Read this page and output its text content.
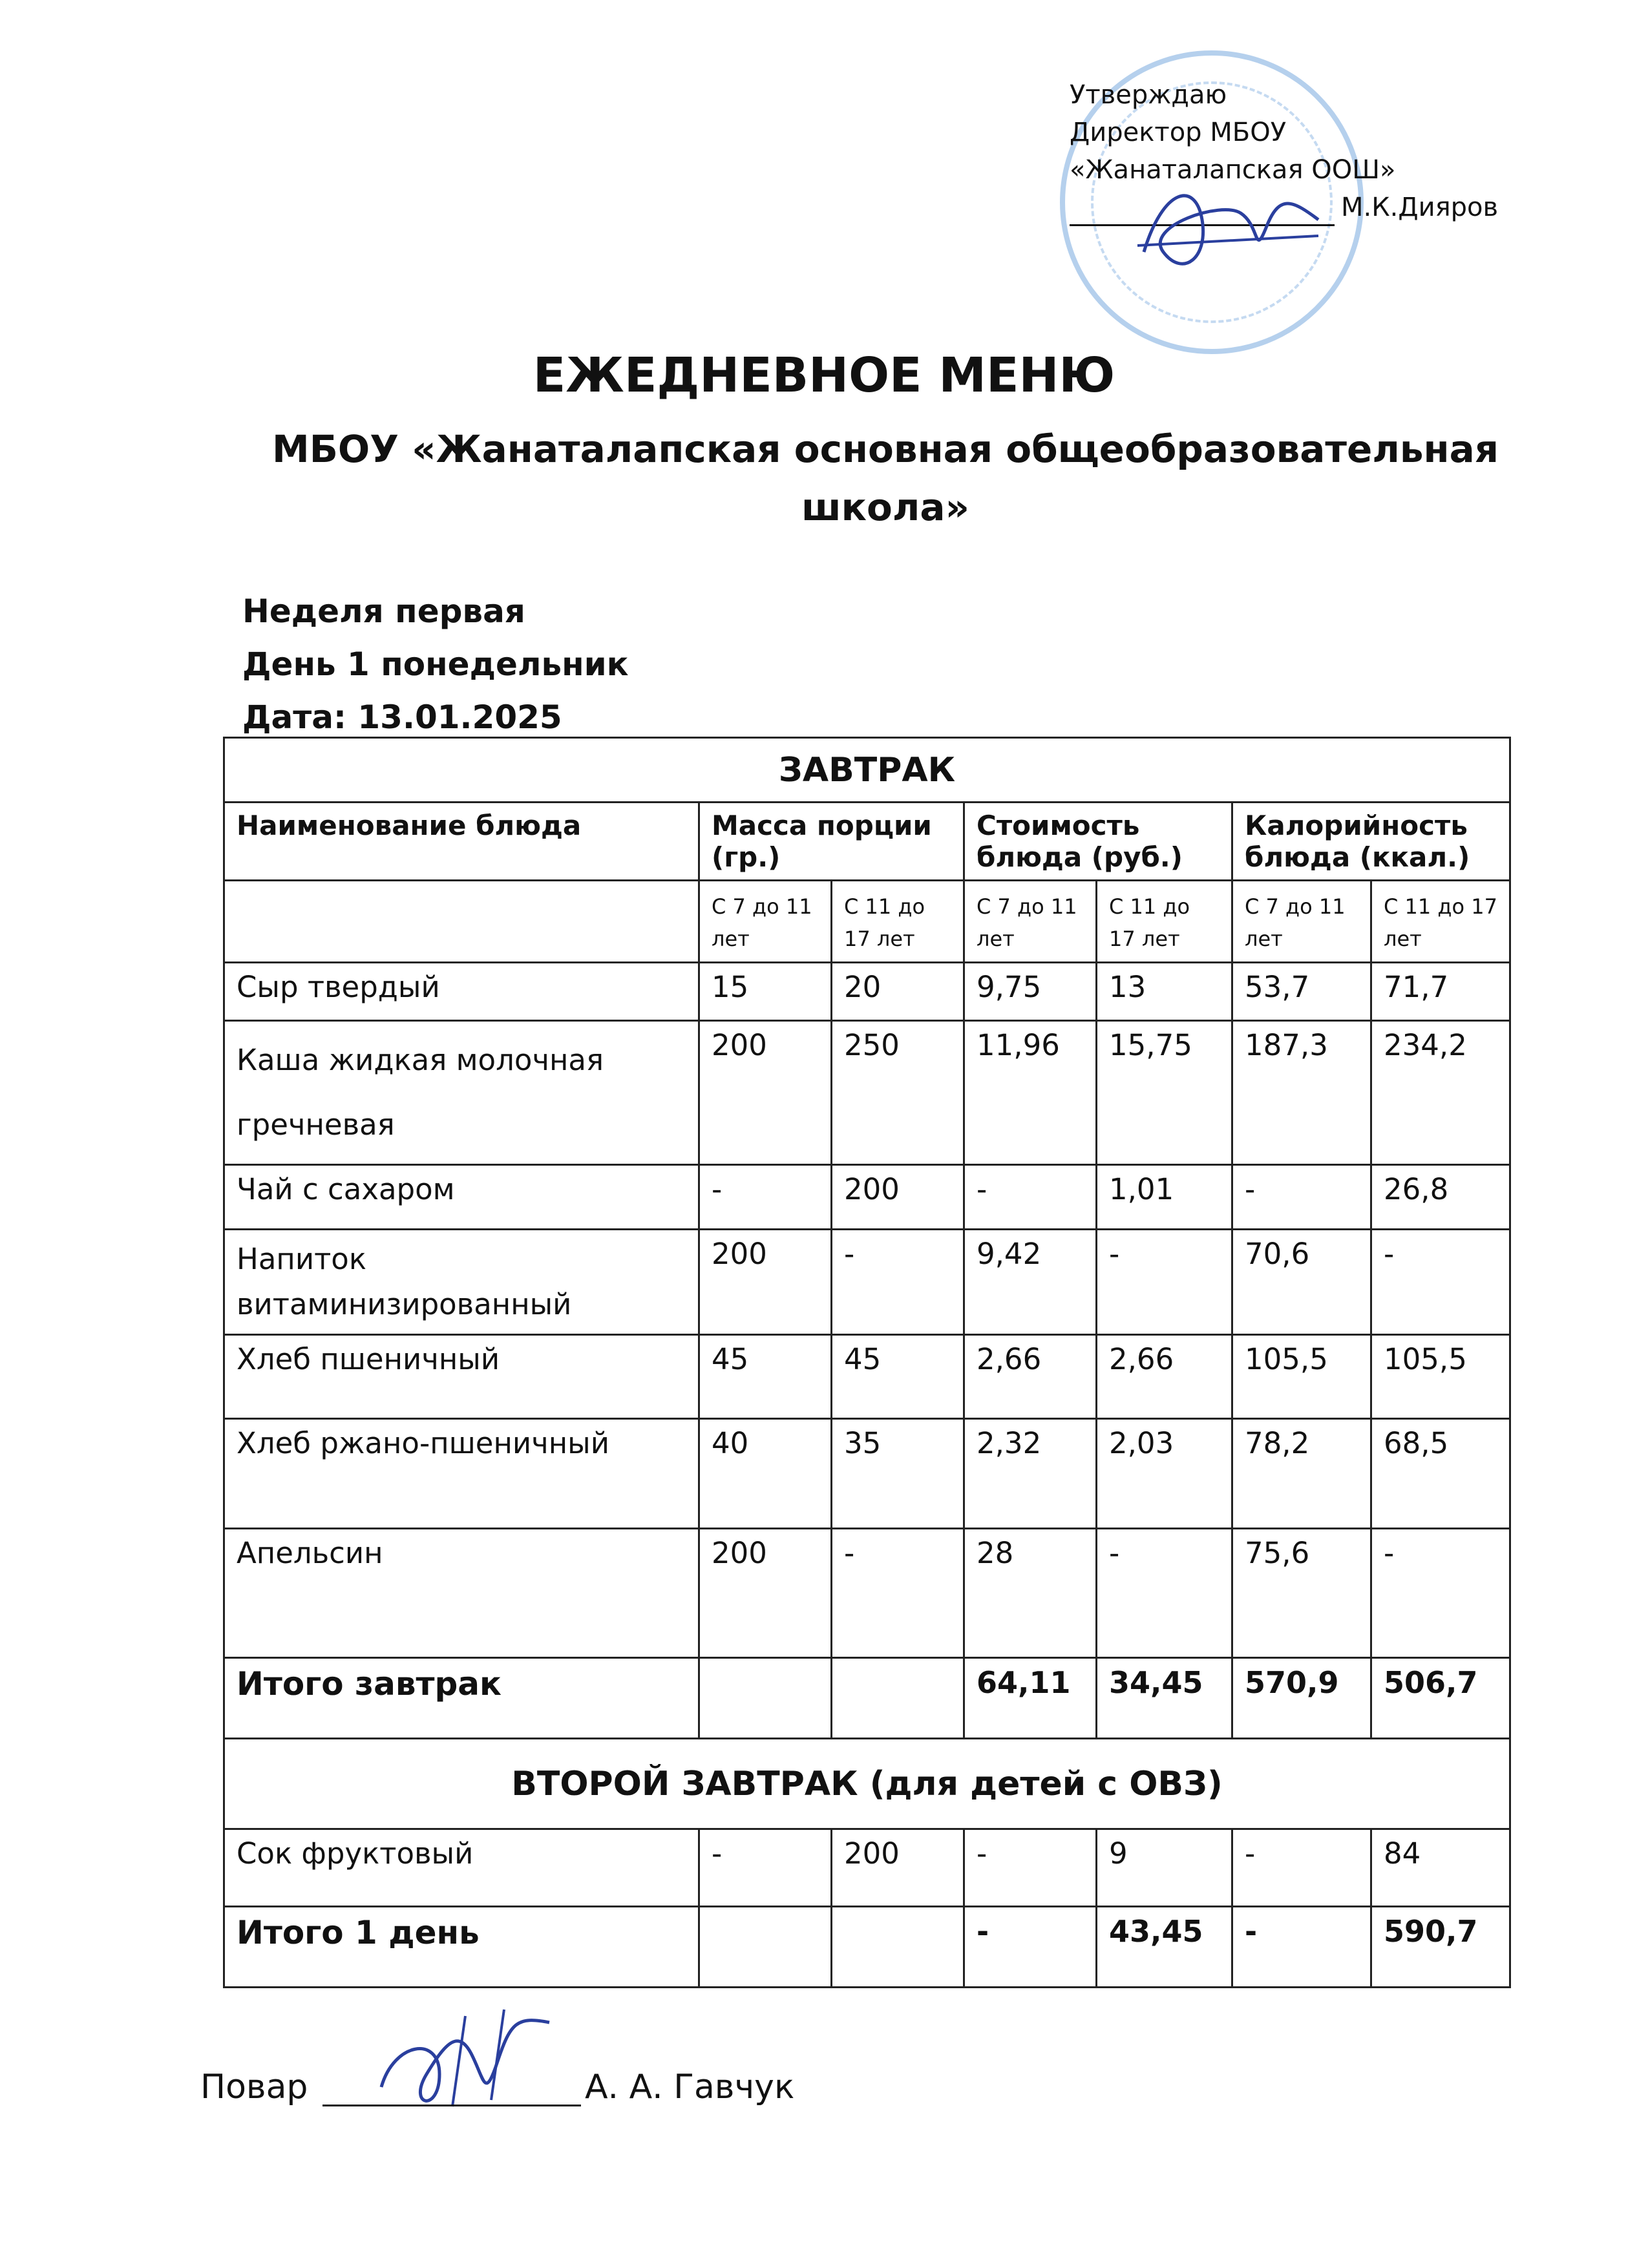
Утверждаю
Директор МБОУ
«Жанаталапская ООШ»
М.К.Дияров
ЕЖЕДНЕВНОЕ МЕНЮ
МБОУ «Жанаталапская основная общеобразовательная школа»
Неделя первая
День 1 понедельник
Дата: 13.01.2025
ЗАВТРАК						
Наименование блюда	Масса порции (гр.)		Стоимость блюда (руб.)		Калорийность блюда (ккал.)	
	С 7 до 11 лет	С 11 до 17 лет	С 7 до 11 лет	С 11 до 17 лет	С 7 до 11 лет	С 11 до 17 лет
Сыр твердый	15	20	9,75	13	53,7	71,7
Каша жидкая молочная гречневая	200	250	11,96	15,75	187,3	234,2
Чай с сахаром	-	200	-	1,01	-	26,8
Напиток витаминизированный	200	-	9,42	-	70,6	-
Хлеб пшеничный	45	45	2,66	2,66	105,5	105,5
Хлеб ржано-пшеничный	40	35	2,32	2,03	78,2	68,5
Апельсин	200	-	28	-	75,6	-
Итого завтрак			64,11	34,45	570,9	506,7
ВТОРОЙ ЗАВТРАК (для детей с ОВЗ)						
Сок фруктовый	-	200	-	9	-	84
Итого 1 день			-	43,45	-	590,7
Повар	А. А. Гавчук
